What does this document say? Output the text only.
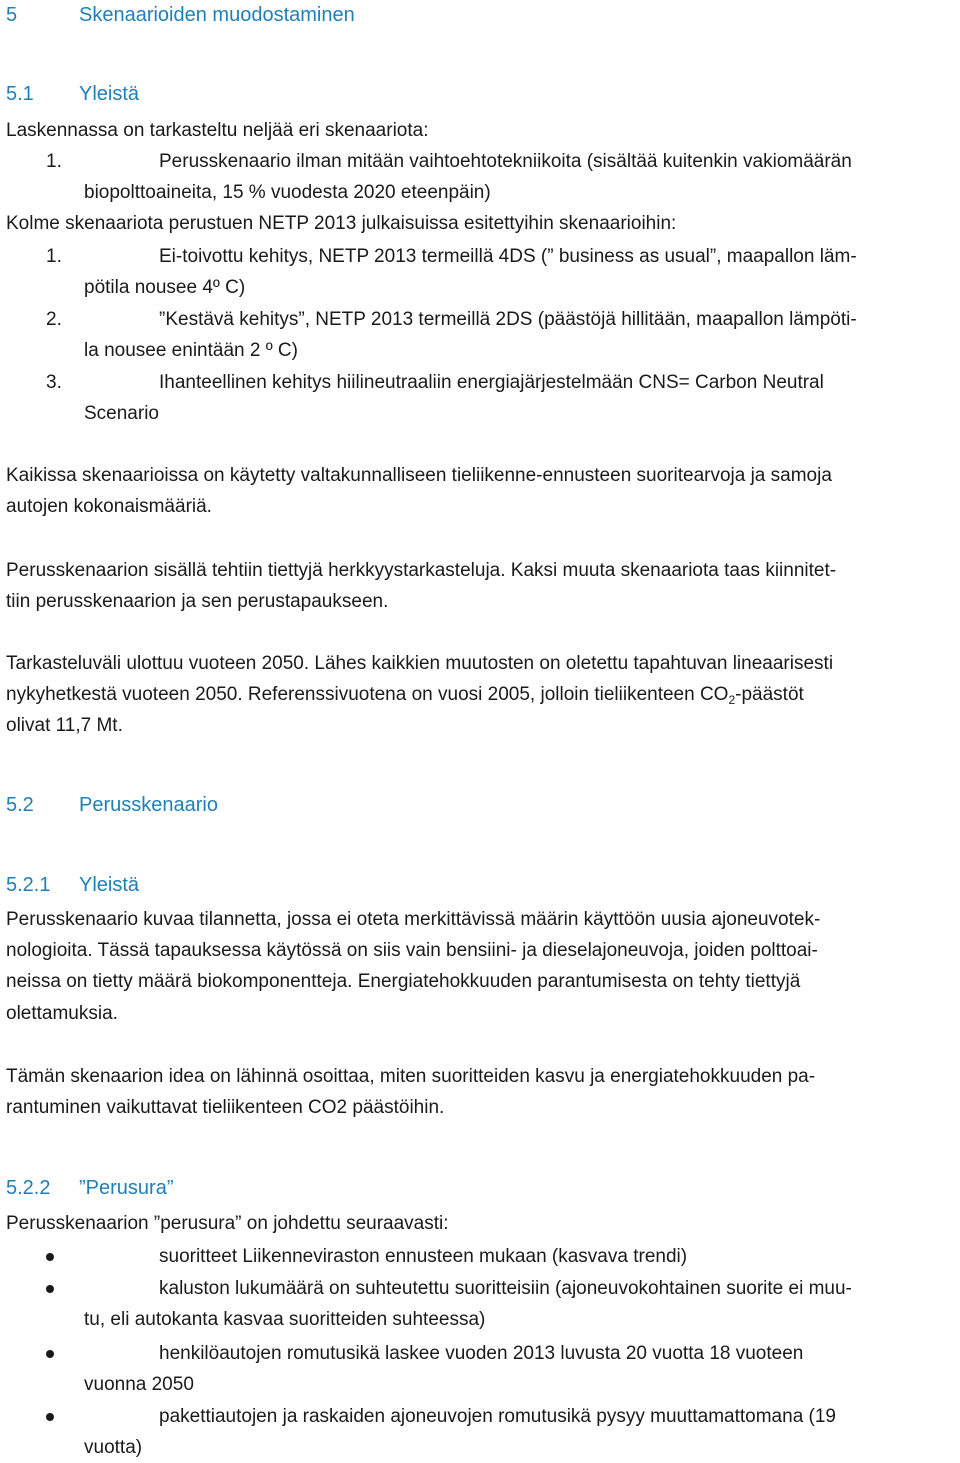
5	Skenaarioiden muodostaminen
5.1 Yleistä
Laskennassa on tarkasteltu neljää eri skenaariota:
1.	Perusskenaario ilman mitään vaihtoehtotekniikoita (sisältää kuitenkin vakiomäärän
biopolttoaineita, 15 % vuodesta 2020 eteenpäin)
Kolme skenaariota perustuen NETP 2013 julkaisuissa esitettyihin skenaarioihin:
1.	Ei-toivottu kehitys, NETP 2013 termeillä 4DS (” business as usual”, maapallon läm-
pötila nousee 4º C)
2.	”Kestävä kehitys”, NETP 2013 termeillä 2DS (päästöjä hillitään, maapallon lämpöti-
la nousee enintään 2 º C)
3.	Ihanteellinen kehitys hiilineutraaliin energiajärjestelmään CNS= Carbon Neutral
Scenario
Kaikissa skenaarioissa on käytetty valtakunnalliseen tieliikenne-ennusteen suoritearvoja ja samoja
autojen kokonaismääriä.
Perusskenaarion sisällä tehtiin tiettyjä herkkyystarkasteluja. Kaksi muuta skenaariota taas kiinnitet-
tiin perusskenaarion ja sen perustapaukseen.
Tarkasteluväli ulottuu vuoteen 2050. Lähes kaikkien muutosten on oletettu tapahtuvan lineaarisesti
nykyhetkestä vuoteen 2050. Referenssivuotena on vuosi 2005, jolloin tieliikenteen $CO_2$-päästöt
olivat 11,7 Mt.
5.2 Perusskenaario
5.2.1 Yleistä
Perusskenaario kuvaa tilannetta, jossa ei oteta merkittävissä määrin käyttöön uusia ajoneuvotek-
nologioita. Tässä tapauksessa käytössä on siis vain bensiini- ja dieselajoneuvoja, joiden polttoai-
neissa on tietty määrä biokomponentteja. Energiatehokkuuden parantumisesta on tehty tiettyjä
olettamuksia.
Tämän skenaarion idea on lähinnä osoittaa, miten suoritteiden kasvu ja energiatehokkuuden pa-
rantuminen vaikuttavat tieliikenteen CO2 päästöihin.
5.2.2 ”Perusura”
Perusskenaarion ”perusura” on johdettu seuraavasti:
suoritteet Liikenneviraston ennusteen mukaan (kasvava trendi)
kaluston lukumäärä on suhteutettu suoritteisiin (ajoneuvokohtainen suorite ei muu-
tu, eli autokanta kasvaa suoritteiden suhteessa)
henkilöautojen romutusikä laskee vuoden 2013 luvusta 20 vuotta 18 vuoteen
vuonna 2050
pakettiautojen ja raskaiden ajoneuvojen romutusikä pysyy muuttamattomana (19
vuotta)
